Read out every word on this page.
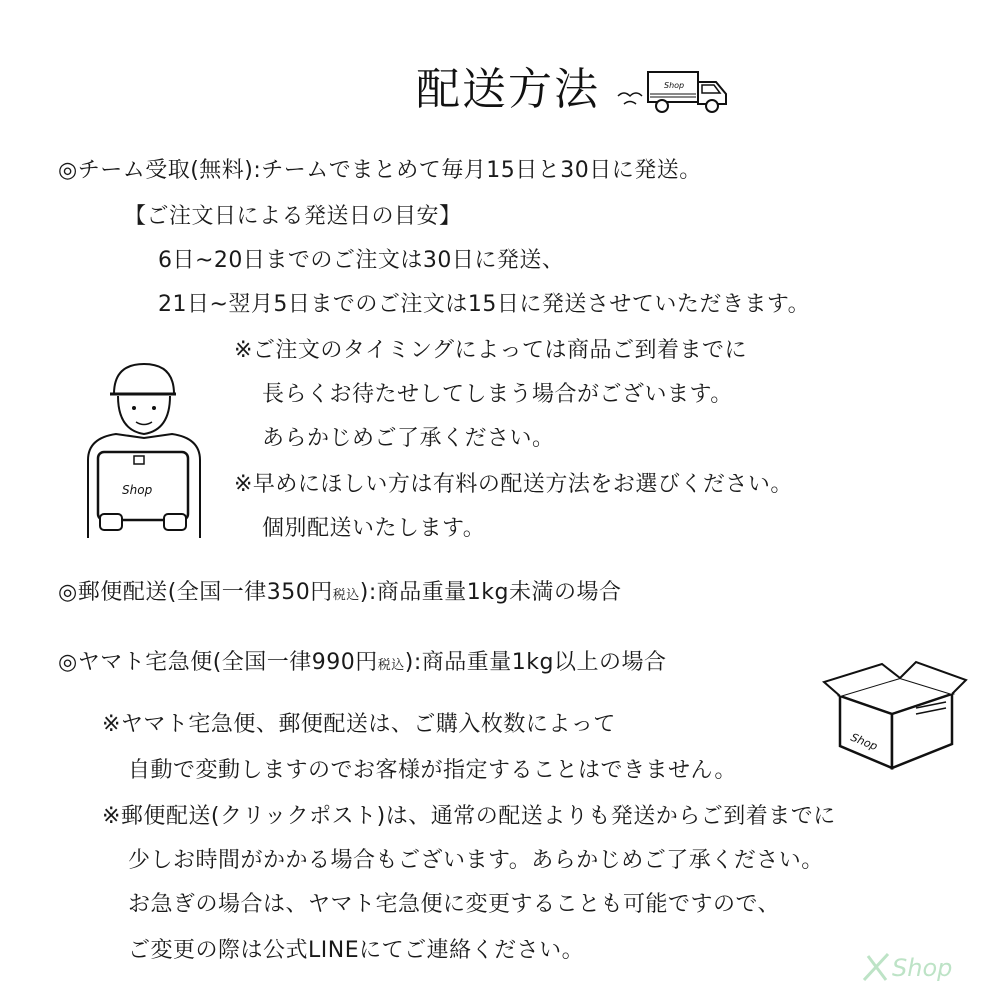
配送方法	Shop
◎チーム受取(無料):チームでまとめて毎月15日と30日に発送。
【ご注文日による発送日の目安】
6日~20日までのご注文は30日に発送、
21日~翌月5日までのご注文は15日に発送させていただきます。
※ご注文のタイミングによっては商品ご到着までに
長らくお待たせしてしまう場合がございます。
あらかじめご了承ください。
※早めにほしい方は有料の配送方法をお選びください。
個別配送いたします。
Shop
◎郵便配送(全国一律350円税込):商品重量1kg未満の場合
◎ヤマト宅急便(全国一律990円税込):商品重量1kg以上の場合
Shop
※ヤマト宅急便、郵便配送は、ご購入枚数によって
自動で変動しますのでお客様が指定することはできません。
※郵便配送(クリックポスト)は、通常の配送よりも発送からご到着までに
少しお時間がかかる場合もございます。あらかじめご了承ください。
お急ぎの場合は、ヤマト宅急便に変更することも可能ですので、
ご変更の際は公式LINEにてご連絡ください。
Shop
